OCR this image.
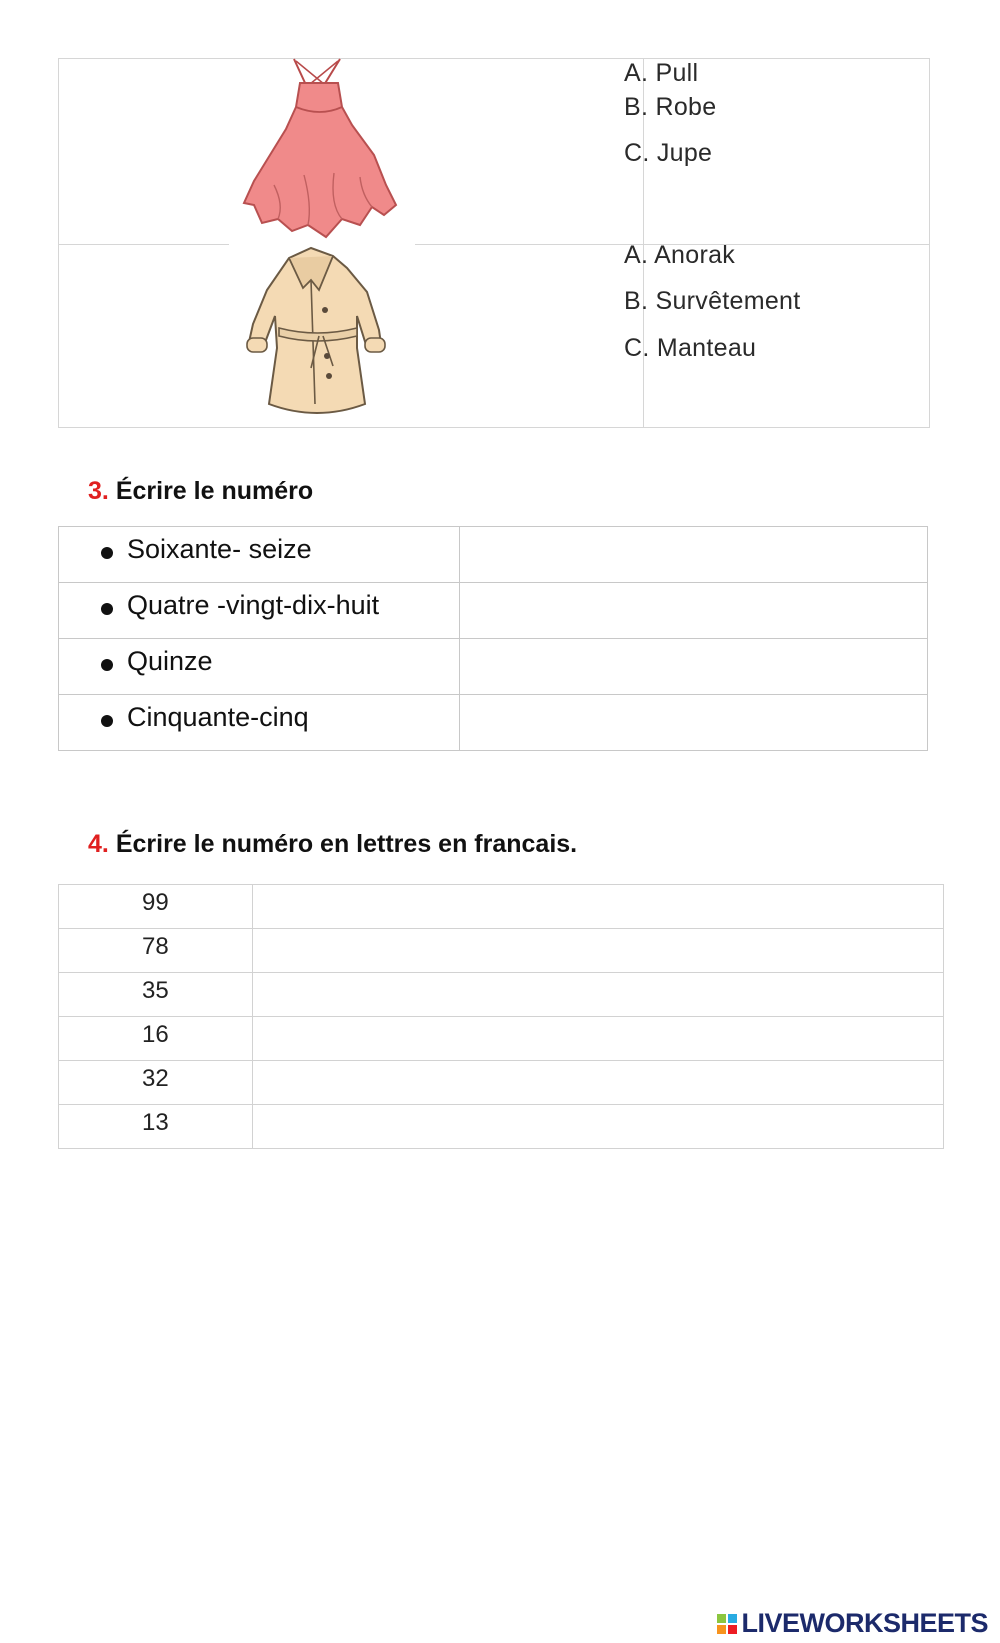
A. Pull
B. Robe
C. Jupe
A. Anorak
B. Survêtement
C. Manteau
3. Écrire le numéro
Soixante- seize	
Quatre -vingt-dix-huit	
Quinze	
Cinquante-cinq	
4. Écrire le numéro en lettres en francais.
99	
78	
35	
16	
32	
13	
LIVEWORKSHEETS
